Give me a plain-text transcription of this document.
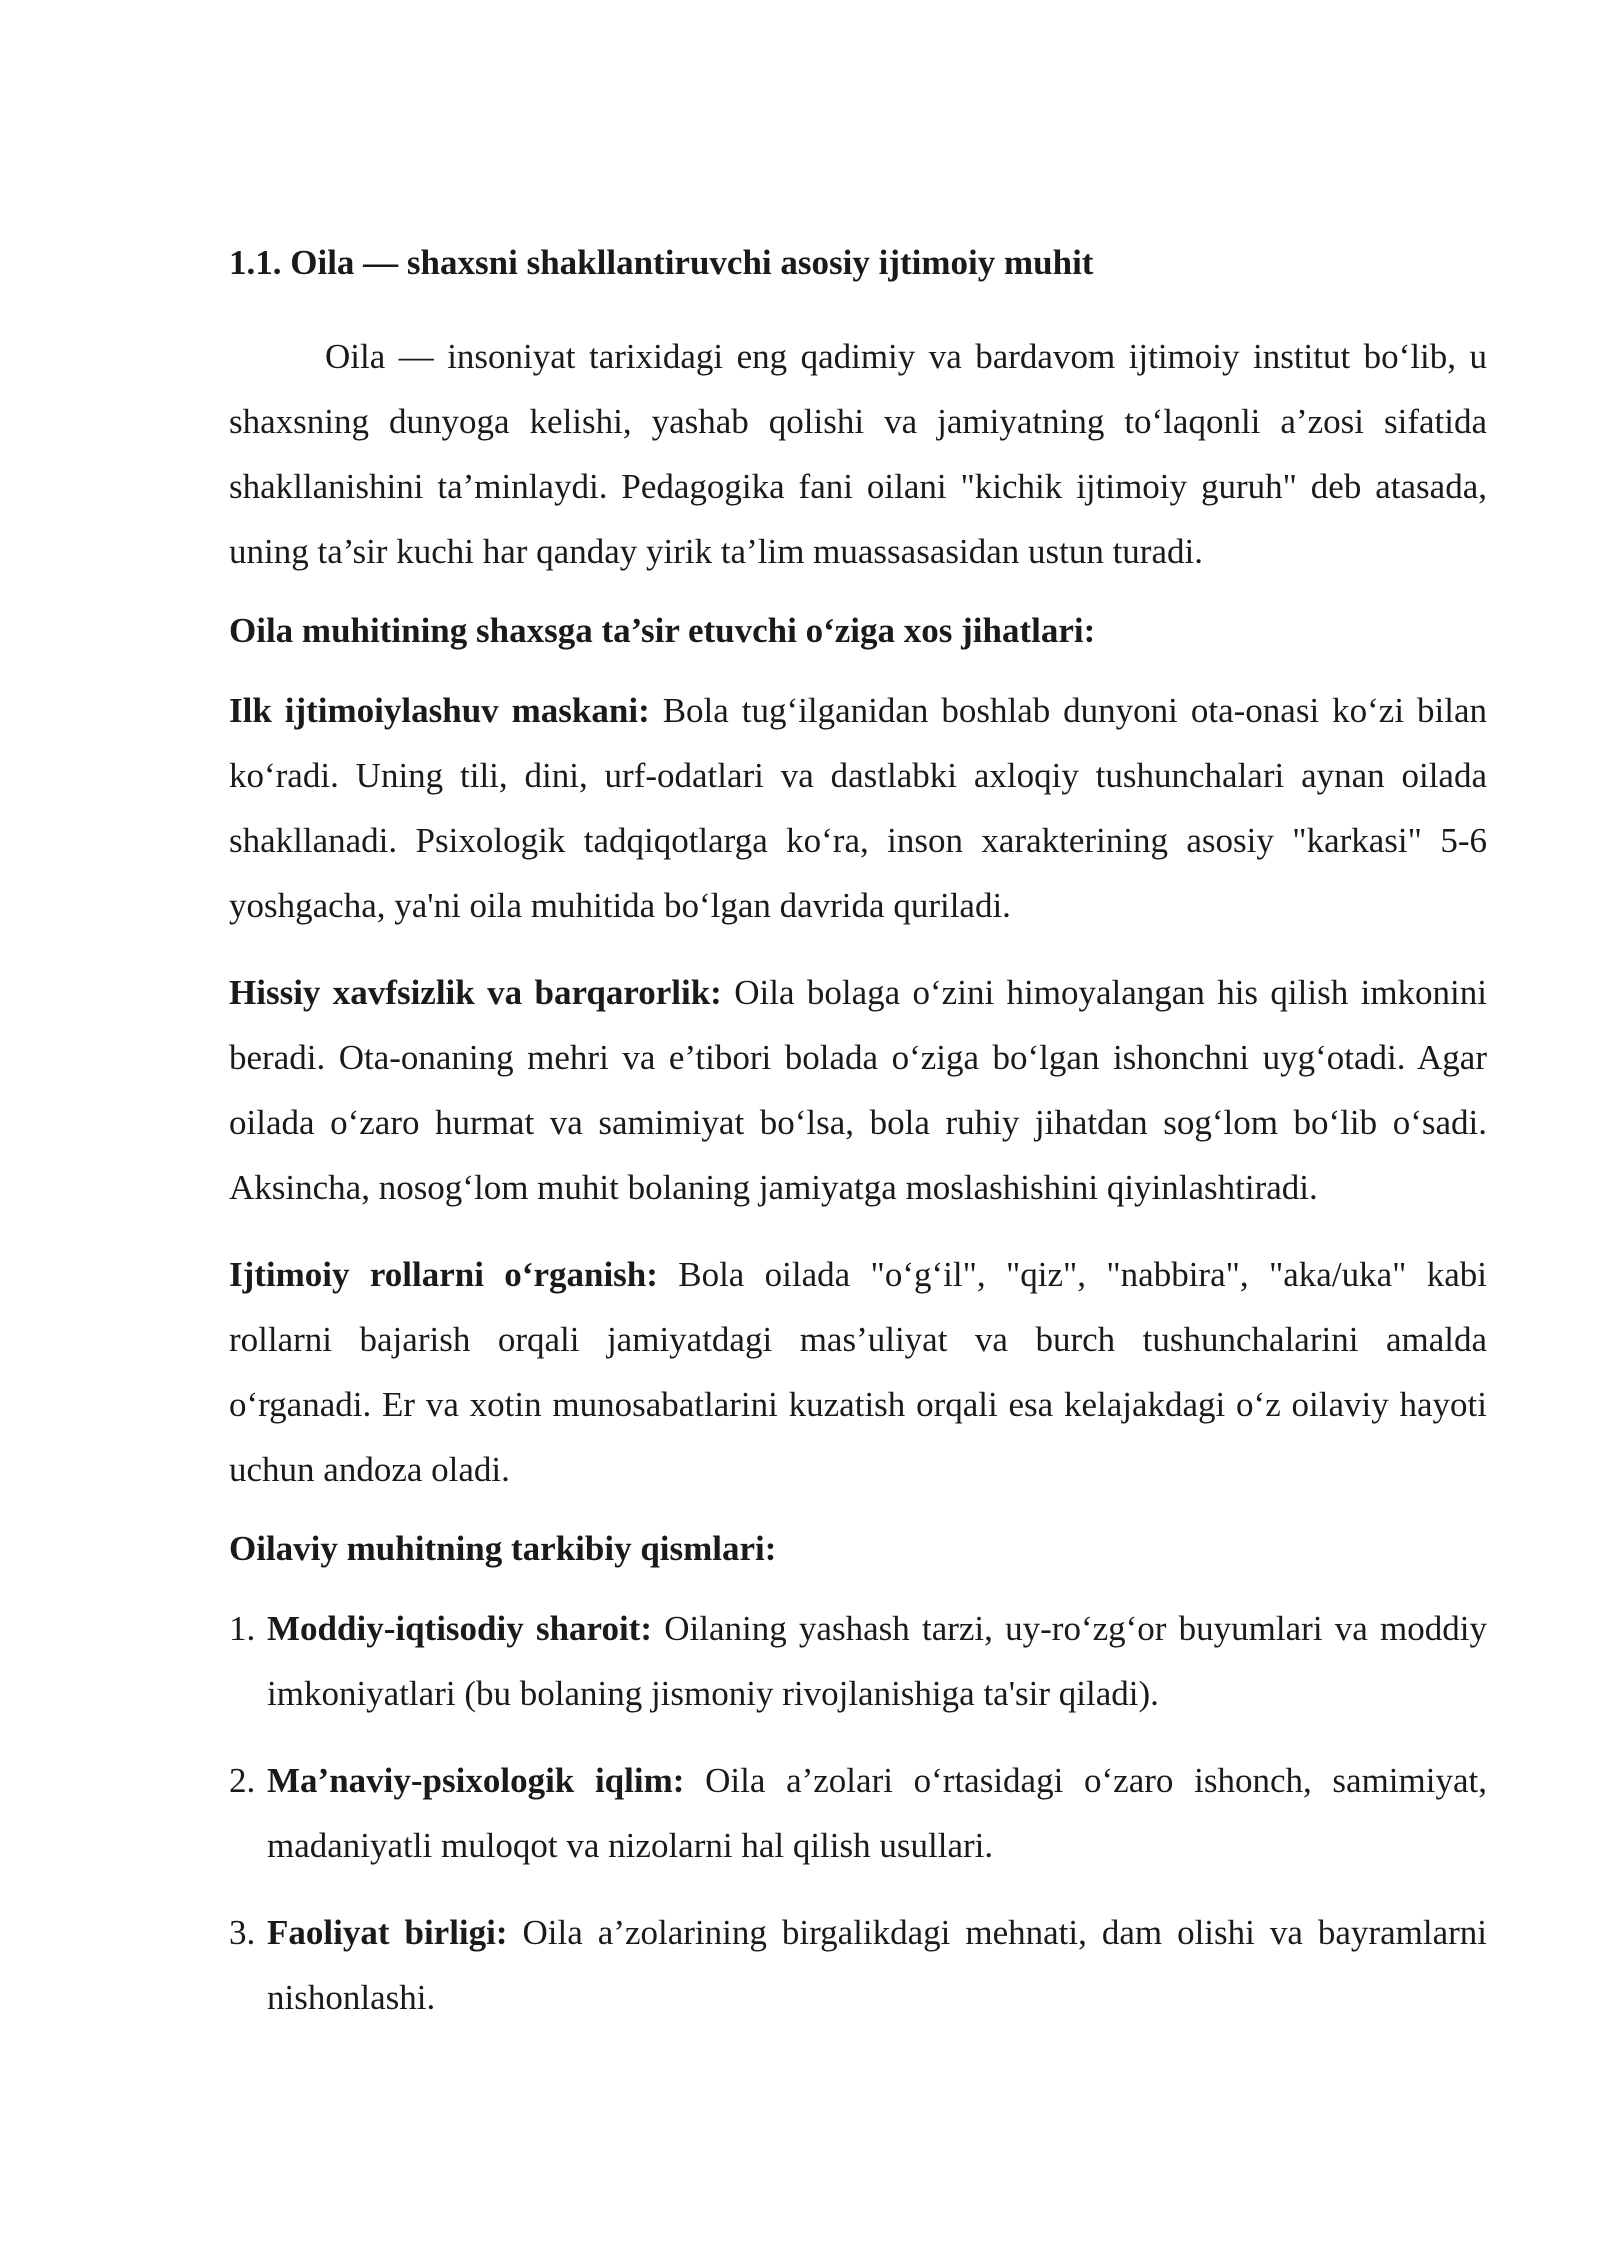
1.1. Oila — shaxsni shakllantiruvchi asosiy ijtimoiy muhit

Oila — insoniyat tarixidagi eng qadimiy va bardavom ijtimoiy institut bo‘lib, u shaxsning dunyoga kelishi, yashab qolishi va jamiyatning to‘laqonli a’zosi sifatida shakllanishini ta’minlaydi. Pedagogika fani oilani "kichik ijtimoiy guruh" deb atasada, uning ta’sir kuchi har qanday yirik ta’lim muassasasidan ustun turadi.

Oila muhitining shaxsga ta’sir etuvchi o‘ziga xos jihatlari:

Ilk ijtimoiylashuv maskani: Bola tug‘ilganidan boshlab dunyoni ota-onasi ko‘zi bilan ko‘radi. Uning tili, dini, urf-odatlari va dastlabki axloqiy tushunchalari aynan oilada shakllanadi. Psixologik tadqiqotlarga ko‘ra, inson xarakterining asosiy "karkasi" 5-6 yoshgacha, ya'ni oila muhitida bo‘lgan davrida quriladi.

Hissiy xavfsizlik va barqarorlik: Oila bolaga o‘zini himoyalangan his qilish imkonini beradi. Ota-onaning mehri va e’tibori bolada o‘ziga bo‘lgan ishonchni uyg‘otadi. Agar oilada o‘zaro hurmat va samimiyat bo‘lsa, bola ruhiy jihatdan sog‘lom bo‘lib o‘sadi. Aksincha, nosog‘lom muhit bolaning jamiyatga moslashishini qiyinlashtiradi.

Ijtimoiy rollarni o‘rganish: Bola oilada "o‘g‘il", "qiz", "nabbira", "aka/uka" kabi rollarni bajarish orqali jamiyatdagi mas’uliyat va burch tushunchalarini amalda o‘rganadi. Er va xotin munosabatlarini kuzatish orqali esa kelajakdagi o‘z oilaviy hayoti uchun andoza oladi.

Oilaviy muhitning tarkibiy qismlari:
1. Moddiy-iqtisodiy sharoit: Oilaning yashash tarzi, uy-ro‘zg‘or buyumlari va moddiy imkoniyatlari (bu bolaning jismoniy rivojlanishiga ta'sir qiladi).
2. Ma’naviy-psixologik iqlim: Oila a’zolari o‘rtasidagi o‘zaro ishonch, samimiyat, madaniyatli muloqot va nizolarni hal qilish usullari.
3. Faoliyat birligi: Oila a’zolarining birgalikdagi mehnati, dam olishi va bayramlarni nishonlashi.
